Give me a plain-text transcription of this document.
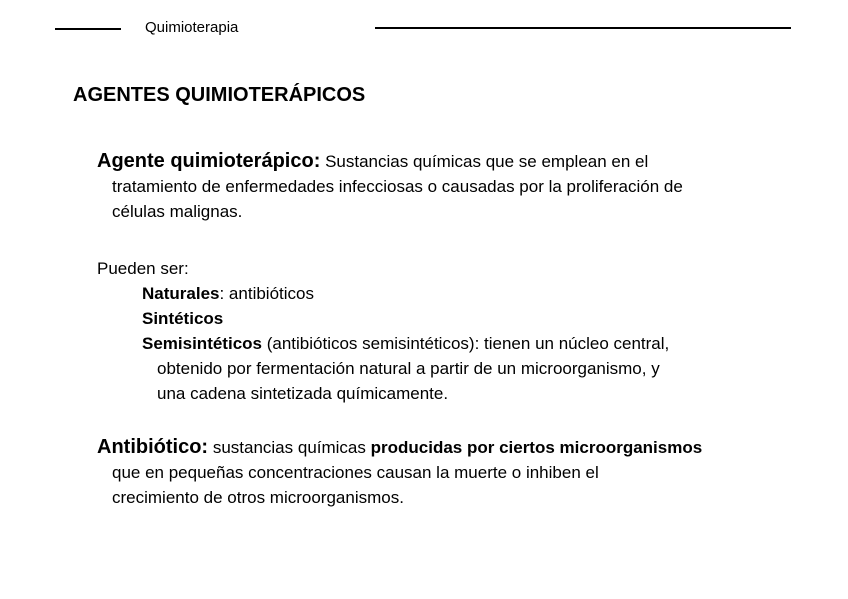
Quimioterapia
AGENTES QUIMIOTERÁPICOS
Agente quimioterápico: Sustancias químicas que se emplean en el
tratamiento de enfermedades infecciosas o causadas por la proliferación de
células malignas.
Pueden ser:
Naturales: antibióticos
Sintéticos
Semisintéticos (antibióticos semisintéticos): tienen un núcleo central,
obtenido por fermentación natural a partir de un microorganismo, y
una cadena sintetizada químicamente.
Antibiótico: sustancias químicas producidas por ciertos microorganismos
que en pequeñas concentraciones causan la muerte o inhiben el
crecimiento de otros microorganismos.
